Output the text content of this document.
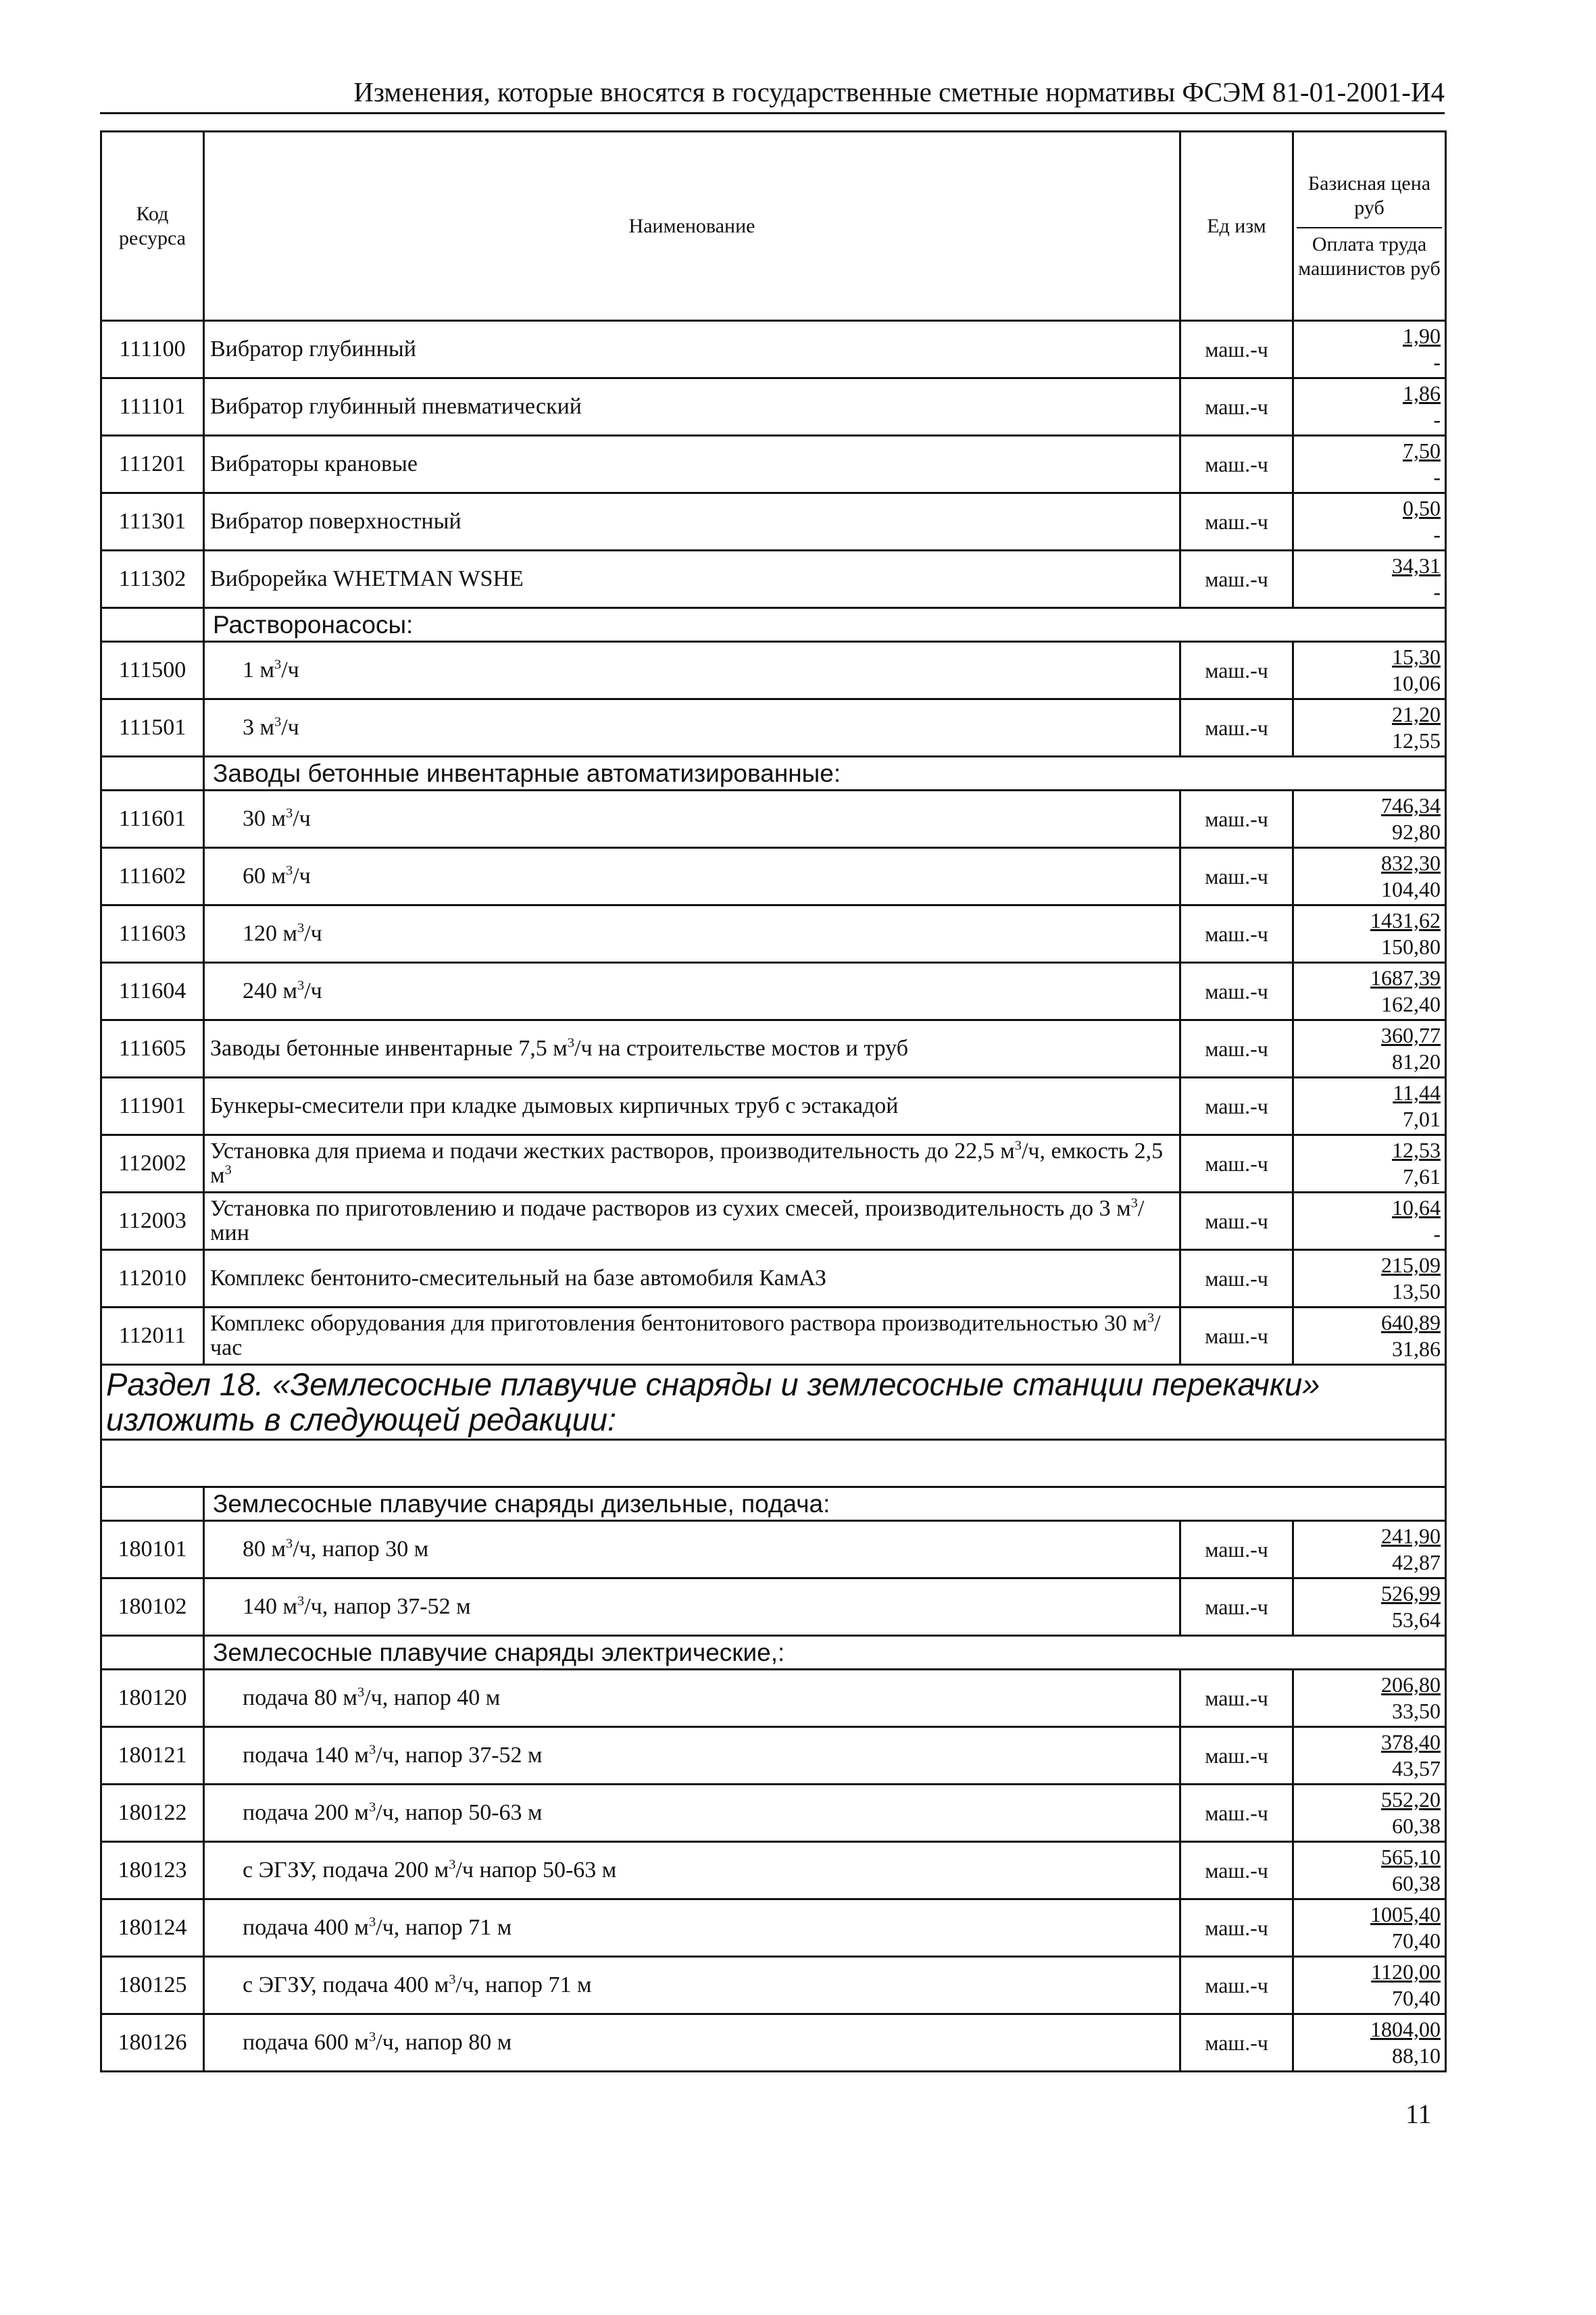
Изменения, которые вносятся в государственные сметные нормативы ФСЭМ 81-01-2001-И4
Код ресурса	Наименование	Ед изм	Базисная цена руб
Оплата труда машинистов руб

111100	Вибратор глубинный	маш.-ч	1,90
-

111101	Вибратор глубинный пневматический	маш.-ч	1,86
-

111201	Вибраторы крановые	маш.-ч	7,50
-

111301	Вибратор поверхностный	маш.-ч	0,50
-

111302	Виброрейка WHETMAN WSHE	маш.-ч	34,31
-

	Растворонасосы:		
111500	1 $м^3/ч$	маш.-ч	15,30
10,06

111501	3 $м^3/ч$	маш.-ч	21,20
12,55

	Заводы бетонные инвентарные автоматизированные:		
111601	30 $м^3/ч$	маш.-ч	746,34
92,80

111602	60 $м^3/ч$	маш.-ч	832,30
104,40

111603	120 $м^3/ч$	маш.-ч	1431,62
150,80

111604	240 $м^3/ч$	маш.-ч	1687,39
162,40

111605	Заводы бетонные инвентарные 7,5 $м^3/ч$ на строительстве мостов и труб	маш.-ч	360,77
81,20

111901	Бункеры-смесители при кладке дымовых кирпичных труб с эстакадой	маш.-ч	11,44
7,01

112002	Установка для приема и подачи жестких растворов, производительность до 22,5 $м^3/ч$, емкость 2,5 $м^3$	маш.-ч	12,53
7,61

112003	Установка по приготовлению и подаче растворов из сухих смесей, производительность до 3 $м^3$/мин	маш.-ч	10,64
-

112010	Комплекс бентонито-смесительный на базе автомобиля КамАЗ	маш.-ч	215,09
13,50

112011	Комплекс оборудования для приготовления бентонитового раствора производительностью 30 $м^3$/час	маш.-ч	640,89
31,86

Раздел 18. «Землесосные плавучие снаряды и землесосные станции перекачки» изложить в следующей редакции:			

	Землесосные плавучие снаряды дизельные, подача:		
180101	80 $м^3/ч$, напор 30 м	маш.-ч	241,90
42,87

180102	140 $м^3/ч$, напор 37-52 м	маш.-ч	526,99
53,64

	Землесосные плавучие снаряды электрические,:		
180120	подача 80 $м^3/ч$, напор 40 м	маш.-ч	206,80
33,50

180121	подача 140 $м^3/ч$, напор 37-52 м	маш.-ч	378,40
43,57

180122	подача 200 $м^3/ч$, напор 50-63 м	маш.-ч	552,20
60,38

180123	с ЭГЗУ, подача 200 $м^3/ч$ напор 50-63 м	маш.-ч	565,10
60,38

180124	подача 400 $м^3/ч$, напор 71 м	маш.-ч	1005,40
70,40

180125	с ЭГЗУ, подача 400 $м^3/ч$, напор 71 м	маш.-ч	1120,00
70,40

180126	подача 600 $м^3/ч$, напор 80 м	маш.-ч	1804,00
88,10
11
